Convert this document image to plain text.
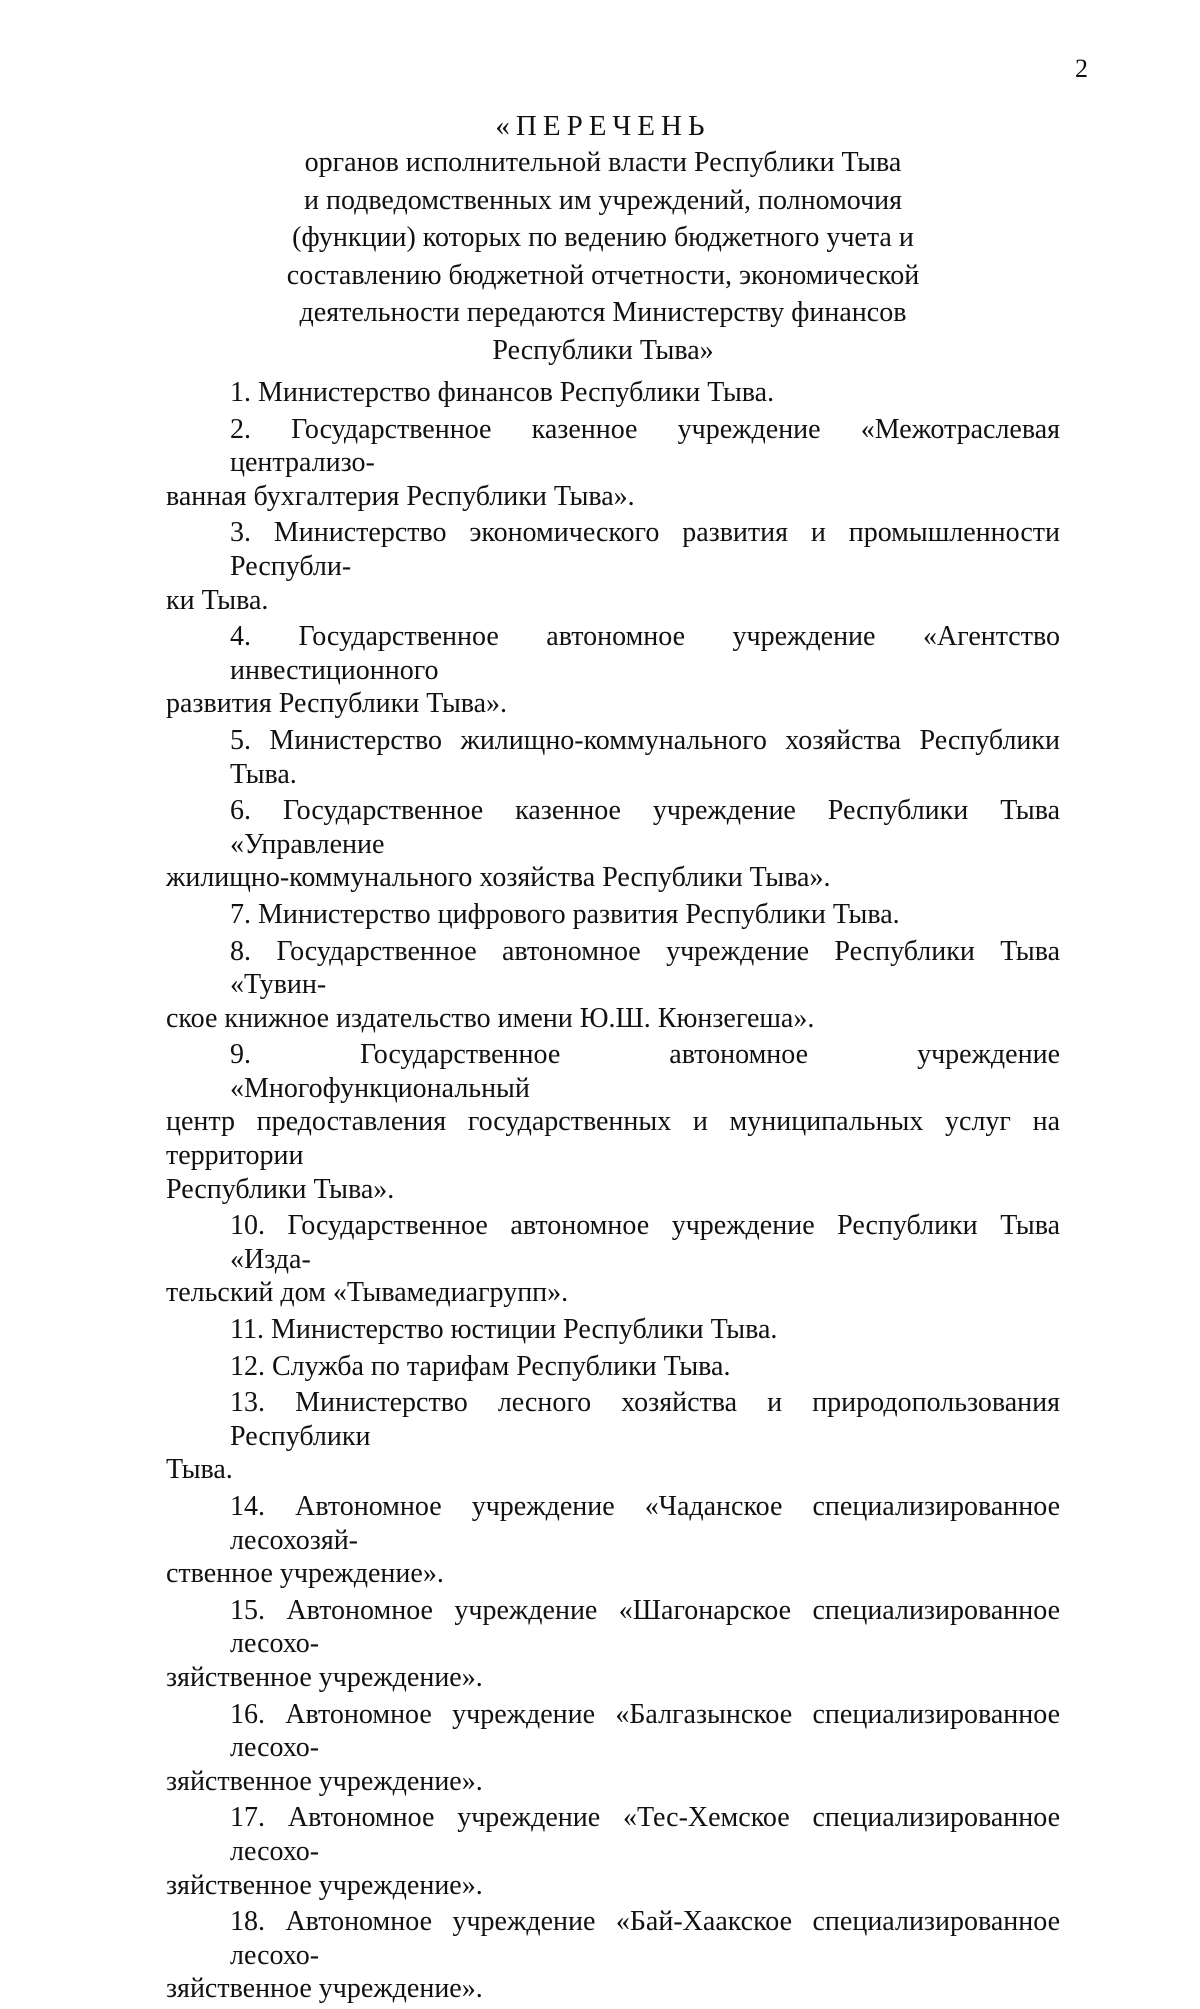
2
«ПЕРЕЧЕНЬ
органов исполнительной власти Республики Тыва
и подведомственных им учреждений, полномочия
(функции) которых по ведению бюджетного учета и
составлению бюджетной отчетности, экономической
деятельности передаются Министерству финансов
Республики Тыва»
1. Министерство финансов Республики Тыва.
2. Государственное казенное учреждение «Межотраслевая централизо-
ванная бухгалтерия Республики Тыва».
3. Министерство экономического развития и промышленности Республи-
ки Тыва.
4. Государственное автономное учреждение «Агентство инвестиционного
развития Республики Тыва».
5. Министерство жилищно-коммунального хозяйства Республики Тыва.
6. Государственное казенное учреждение Республики Тыва «Управление
жилищно-коммунального хозяйства Республики Тыва».
7. Министерство цифрового развития Республики Тыва.
8. Государственное автономное учреждение Республики Тыва «Тувин-
ское книжное издательство имени Ю.Ш. Кюнзегеша».
9. Государственное автономное учреждение «Многофункциональный
центр предоставления государственных и муниципальных услуг на территории
Республики Тыва».
10. Государственное автономное учреждение Республики Тыва «Изда-
тельский дом «Тывамедиагрупп».
11. Министерство юстиции Республики Тыва.
12. Служба по тарифам Республики Тыва.
13. Министерство лесного хозяйства и природопользования Республики
Тыва.
14. Автономное учреждение «Чаданское специализированное лесохозяй-
ственное учреждение».
15. Автономное учреждение «Шагонарское специализированное лесохо-
зяйственное учреждение».
16. Автономное учреждение «Балгазынское специализированное лесохо-
зяйственное учреждение».
17. Автономное учреждение «Тес-Хемское специализированное лесохо-
зяйственное учреждение».
18. Автономное учреждение «Бай-Хаакское специализированное лесохо-
зяйственное учреждение».
